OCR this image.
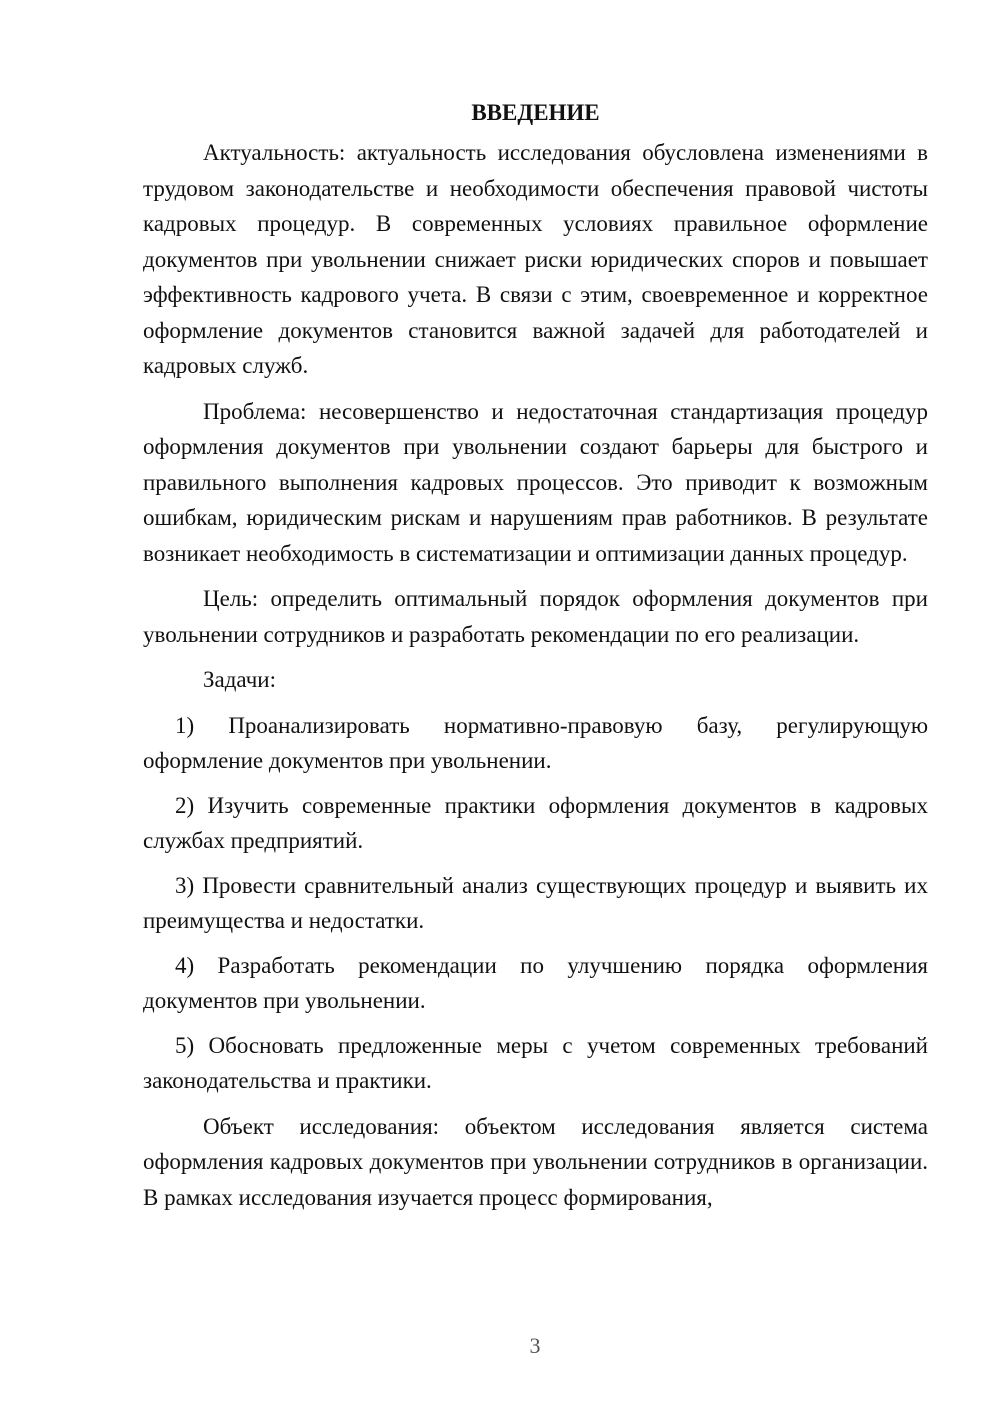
ВВЕДЕНИЕ

Актуальность: актуальность исследования обусловлена изменениями в трудовом законодательстве и необходимости обеспечения правовой чистоты кадровых процедур. В современных условиях правильное оформление документов при увольнении снижает риски юридических споров и повышает эффективность кадрового учета. В связи с этим, своевременное и корректное оформление документов становится важной задачей для работодателей и кадровых служб.

Проблема: несовершенство и недостаточная стандартизация процедур оформления документов при увольнении создают барьеры для быстрого и правильного выполнения кадровых процессов. Это приводит к возможным ошибкам, юридическим рискам и нарушениям прав работников. В результате возникает необходимость в систематизации и оптимизации данных процедур.

Цель: определить оптимальный порядок оформления документов при увольнении сотрудников и разработать рекомендации по его реализации.

Задачи:

1) Проанализировать нормативно-правовую базу, регулирующую оформление документов при увольнении.

2) Изучить современные практики оформления документов в кадровых службах предприятий.

3) Провести сравнительный анализ существующих процедур и выявить их преимущества и недостатки.

4) Разработать рекомендации по улучшению порядка оформления документов при увольнении.

5) Обосновать предложенные меры с учетом современных требований законодательства и практики.

Объект исследования: объектом исследования является система оформления кадровых документов при увольнении сотрудников в организации. В рамках исследования изучается процесс формирования,

3
